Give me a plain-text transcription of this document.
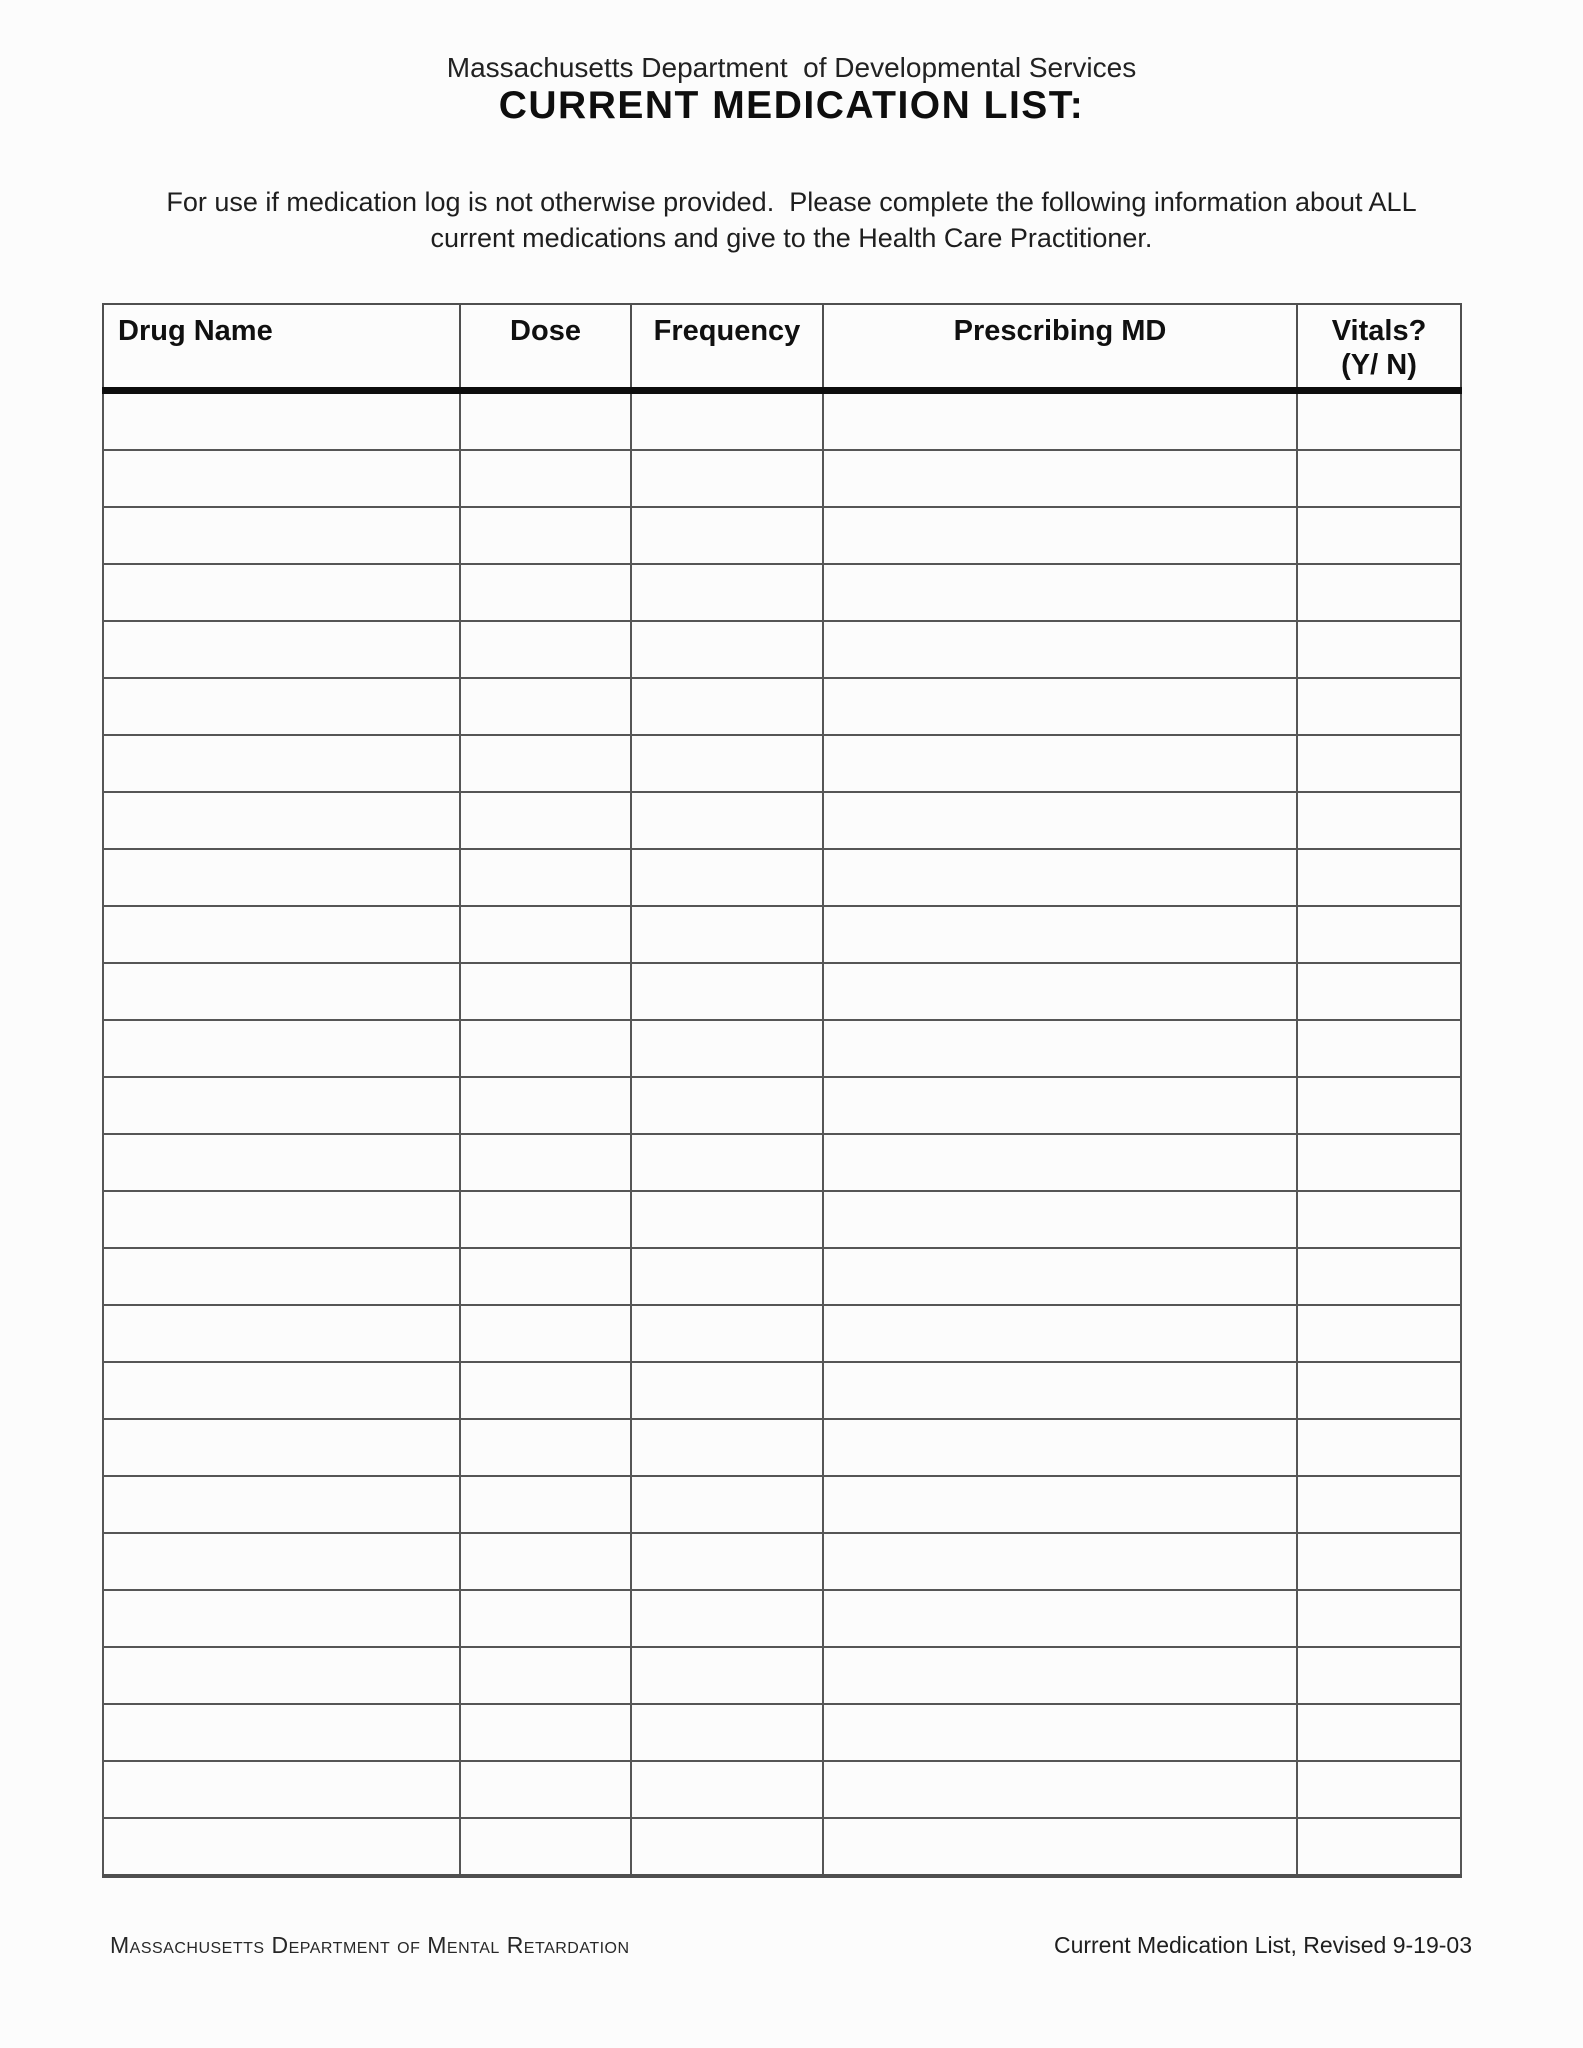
Massachusetts Department  of Developmental Services
CURRENT MEDICATION LIST:
For use if medication log is not otherwise provided.  Please complete the following information about ALL
current medications and give to the Health Care Practitioner.
Drug Name	Dose	Frequency	Prescribing MD	Vitals?
(Y/ N)

Massachusetts Department of Mental Retardation	Current Medication List, Revised 9-19-03
